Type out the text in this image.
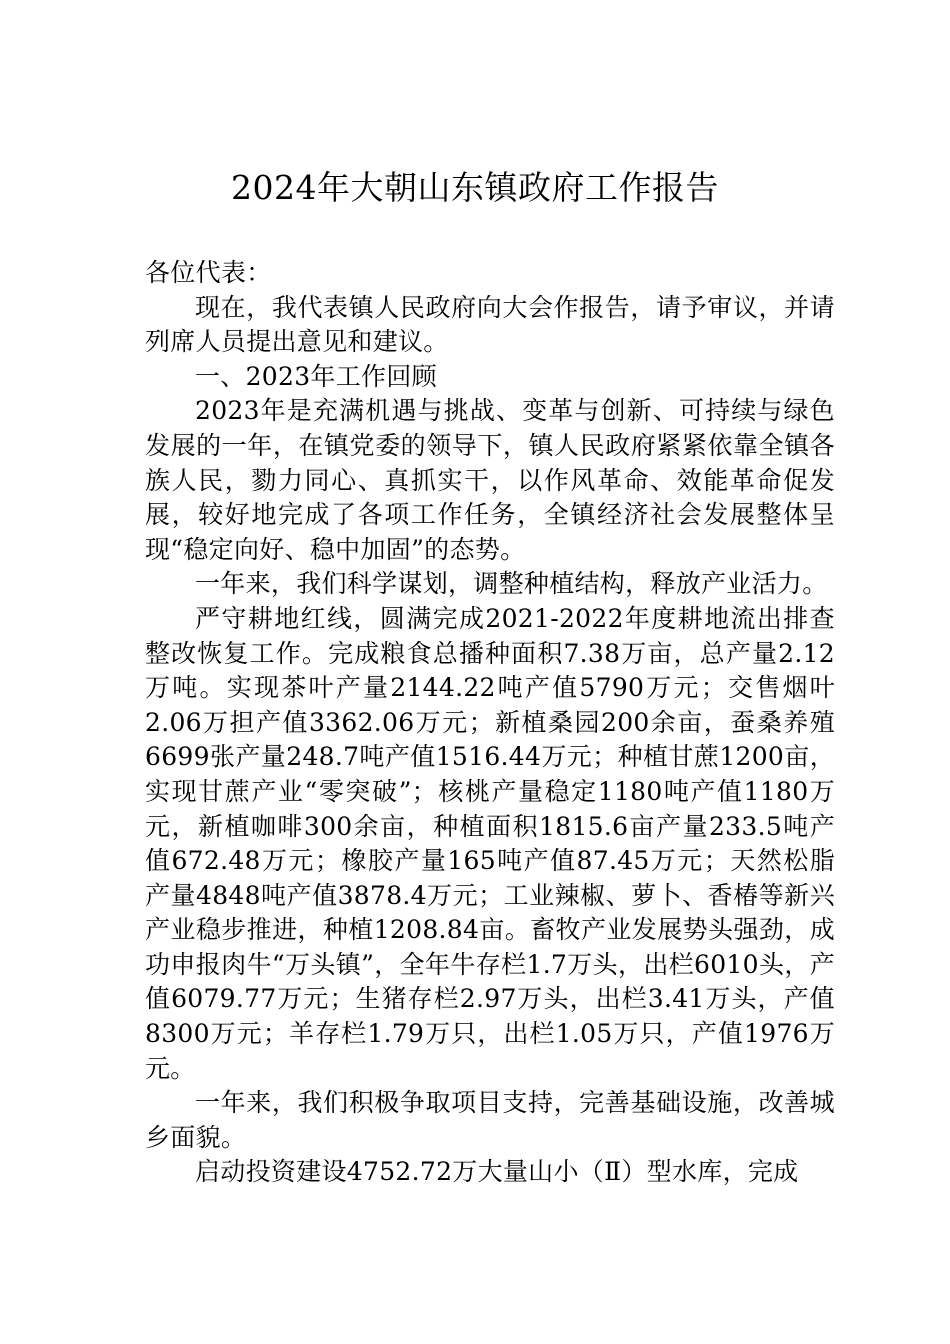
2024年大朝山东镇政府工作报告

各位代表：

现在，我代表镇人民政府向大会作报告，请予审议，并请列席人员提出意见和建议。

一、2023年工作回顾

2023年是充满机遇与挑战、变革与创新、可持续与绿色发展的一年，在镇党委的领导下，镇人民政府紧紧依靠全镇各族人民，勠力同心、真抓实干，以作风革命、效能革命促发展，较好地完成了各项工作任务，全镇经济社会发展整体呈现“稳定向好、稳中加固”的态势。

一年来，我们科学谋划，调整种植结构，释放产业活力。

严守耕地红线，圆满完成2021-2022年度耕地流出排查整改恢复工作。完成粮食总播种面积7.38万亩，总产量2.12万吨。实现茶叶产量2144.22吨产值5790万元；交售烟叶2.06万担产值3362.06万元；新植桑园200余亩，蚕桑养殖6699张产量248.7吨产值1516.44万元；种植甘蔗1200亩，实现甘蔗产业“零突破”；核桃产量稳定1180吨产值1180万元，新植咖啡300余亩，种植面积1815.6亩产量233.5吨产值672.48万元；橡胶产量165吨产值87.45万元；天然松脂产量4848吨产值3878.4万元；工业辣椒、萝卜、香椿等新兴产业稳步推进，种植1208.84亩。畜牧产业发展势头强劲，成功申报肉牛“万头镇”，全年牛存栏1.7万头，出栏6010头，产值6079.77万元；生猪存栏2.97万头，出栏3.41万头，产值8300万元；羊存栏1.79万只，出栏1.05万只，产值1976万元。

一年来，我们积极争取项目支持，完善基础设施，改善城乡面貌。

启动投资建设4752.72万大量山小（Ⅱ）型水库，完成
